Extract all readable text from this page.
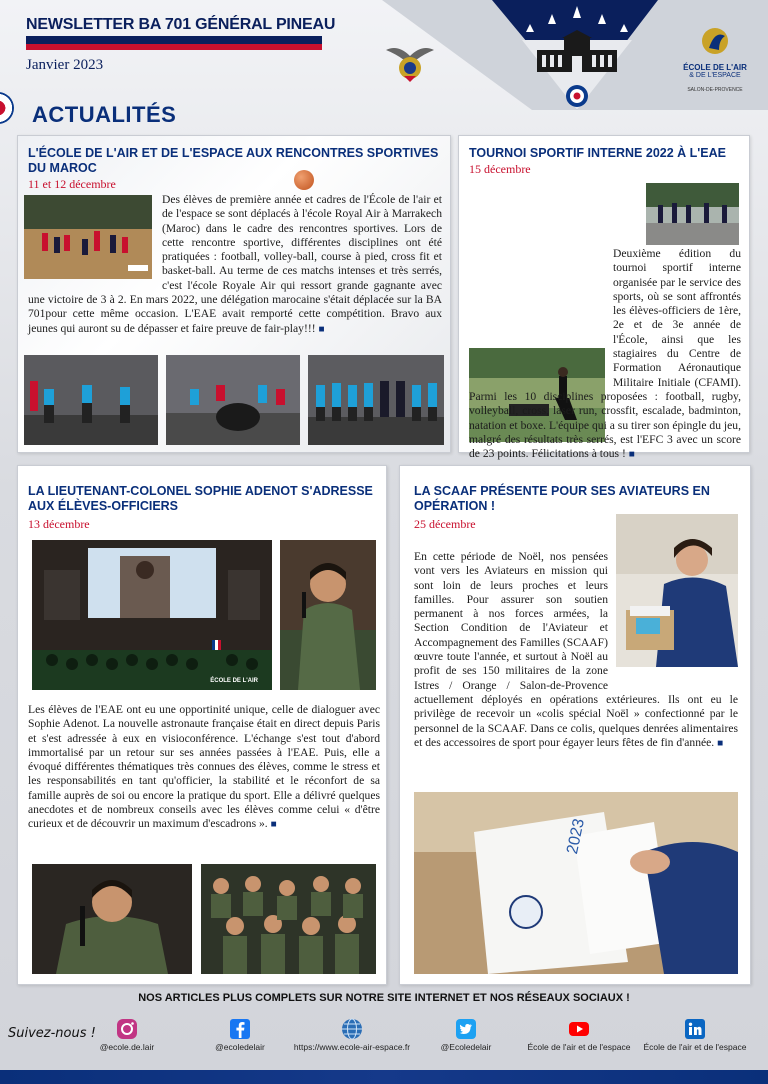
NEWSLETTER BA 701 GÉNÉRAL PINEAU
Janvier 2023	ÉCOLE DE L'AIR
& DE L'ESPACE
SALON-DE-PROVENCE
ACTUALITÉS
L'ÉCOLE DE L'AIR ET DE L'ESPACE AUX RENCONTRES SPORTIVES DU MAROC
11 et 12 décembre
Des élèves de première année et cadres de l'École de l'air et de l'espace se sont déplacés à l'école Royal Air à Marrakech (Maroc) dans le cadre des rencontres sportives. Lors de cette rencontre sportive, différentes disciplines ont été pratiquées : football, volley-ball, course à pied, cross fit et basket-ball. Au terme de ces matchs intenses et très serrés, c'est l'école Royale Air qui ressort grande gagnante avec une victoire de 3 à 2. En mars 2022, une délégation marocaine s'était déplacée sur la BA 701pour cette même occasion. L'EAE avait remporté cette compétition. Bravo aux jeunes qui auront su de dépasser et faire preuve de fair-play!!! ■
TOURNOI SPORTIF INTERNE 2022 À L'EAE
15 décembre
Deuxième édition du tournoi sportif interne organisée par le service des sports, où se sont affrontés les élèves-officiers de 1ère, 2e et de 3e année de l'École, ainsi que les stagiaires du Centre de Formation Aéronautique Militaire Initiale (CFAMI). Parmi les 10 disciplines proposées : football, rugby, volleyball, cross, laser run, crossfit, escalade, badminton, natation et boxe. L'équipe qui a su tirer son épingle du jeu, malgré des résultats très serrés, est l'EFC 3 avec un score de 23 points. Félicitations à tous ! ■
LA LIEUTENANT-COLONEL SOPHIE ADENOT S'ADRESSE AUX ÉLÈVES-OFFICIERS
13 décembre
ÉCOLE DE L'AIR
Les élèves de l'EAE ont eu une opportinité unique, celle de dialoguer avec Sophie Adenot. La nouvelle astronaute française était en direct depuis Paris et s'est adressée à eux en visioconférence. L'échange s'est tout d'abord immortalisé par un retour sur ses années passées à l'EAE. Puis, elle a évoqué différentes thématiques très connues des élèves, comme le stress et les responsabilités en tant qu'officier, la stabilité et le réconfort de sa famille auprès de soi ou encore la pratique du sport. Elle a délivré quelques anecdotes et de nombreux conseils avec les élèves comme celui « d'être curieux et de découvrir un maximum d'escadrons ». ■
LA SCAAF PRÉSENTE POUR SES AVIATEURS EN OPÉRATION !
25 décembre
En cette période de Noël, nos pensées vont vers les Aviateurs en mission qui sont loin de leurs proches et leurs familles. Pour assurer son soutien permanent à nos forces armées, la Section Condition de l'Aviateur et Accompagnement des Familles (SCAAF) œuvre toute l'année, et surtout à Noël au profit de ses 150 militaires de la zone Istres / Orange / Salon-de-Provence actuellement déployés en opérations extérieures. Ils ont eu le privilège de recevoir un «colis spécial Noël » confectionné par le personnel de la SCAAF. Dans ce colis, quelques denrées alimentaires et des accessoires de sport pour égayer leurs fêtes de fin d'année. ■
2023
NOS ARTICLES PLUS COMPLETS SUR NOTRE SITE INTERNET ET NOS RÉSEAUX SOCIAUX !
Suivez-nous !
@ecole.de.lair	@ecoledelair	https://www.ecole-air-espace.fr	@Ecoledelair	École de l'air et de l'espace	École de l'air et de l'espace
